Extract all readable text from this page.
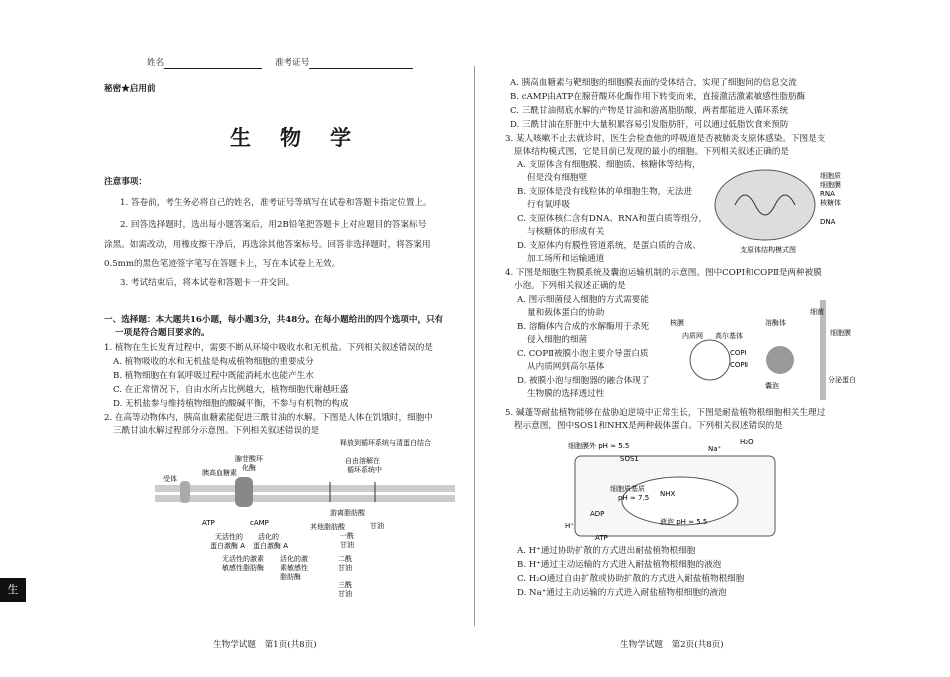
姓名	准考证号
秘密★启用前
生　物　学
注意事项：
1. 答卷前，考生务必将自己的姓名，准考证号等填写在试卷和答题卡指定位置上。
2. 回答选择题时，选出每小题答案后，用2B铅笔把答题卡上对应题目的答案标号
涂黑。如需改动，用橡皮擦干净后，再选涂其他答案标号。回答非选择题时，将答案用
0.5mm的黑色笔迹签字笔写在答题卡上，写在本试卷上无效。
3. 考试结束后，将本试卷和答题卡一并交回。
一、选择题：本大题共16小题，每小题3分，共48分。在每小题给出的四个选项中，只有
一项是符合题目要求的。
1. 植物在生长发育过程中，需要不断从环境中吸收水和无机盐。下列相关叙述错误的是
A. 植物吸收的水和无机盐是构成植物细胞的重要成分
B. 植物细胞在有氧呼吸过程中既能消耗水也能产生水
C. 在正常情况下，自由水所占比例越大，植物细胞代谢越旺盛
D. 无机盐参与维持植物细胞的酸碱平衡，不参与有机物的构成
2. 在高等动物体内，胰高血糖素能促进三酰甘油的水解。下图是人体在饥饿时，细胞中
三酰甘油水解过程部分示意图。下列相关叙述错误的是
释放到循环系统与清蛋白结合
自由溶解在
循环系统中
腺苷酸环
化酶
胰高血糖素
受体
ATP	cAMP
游离脂肪酸
甘油
其他脂肪酸
无活性的
蛋白激酶 A
活化的
蛋白激酶 A
无活性的激素
敏感性脂肪酶
活化的激
素敏感性
脂肪酶
一酰
甘油
二酰
甘油
三酰
甘油
A. 胰高血糖素与靶细胞的细胞膜表面的受体结合，实现了细胞间的信息交流
B. cAMP由ATP在腺苷酸环化酶作用下转变而来，直接激活激素敏感性脂肪酶
C. 三酰甘油彻底水解的产物是甘油和游离脂肪酸，两者都能进入循环系统
D. 三酰甘油在肝脏中大量积累容易引发脂肪肝，可以通过低脂饮食来预防
3. 某人咳嗽不止去就诊时，医生会检查他的呼吸道是否被肺炎支原体感染。下图是支
原体结构模式图，它是目前已发现的最小的细胞。下列相关叙述正确的是
A. 支原体含有细胞膜、细胞质、核糖体等结构，
但是没有细胞壁
B. 支原体是没有线粒体的单细胞生物，无法进
行有氧呼吸
C. 支原体核仁含有DNA、RNA和蛋白质等组分，
与核糖体的形成有关
D. 支原体内有膜性管道系统，是蛋白质的合成、
加工场所和运输通道
细胞质
细胞膜
RNA
核糖体
DNA
支原体结构模式图
4. 下图是细胞生物膜系统及囊泡运输机制的示意图。图中COPⅠ和COPⅡ是两种被膜
小泡。下列相关叙述正确的是
A. 图示细菌侵入细胞的方式需要能
量和载体蛋白的协助
B. 溶酶体内合成的水解酶用于杀死
侵入细胞的细菌
C. COPⅡ被膜小泡主要介导蛋白质
从内质网到高尔基体
D. 被膜小泡与细胞器的融合体现了
生物膜的选择透过性
核膜
内质网 高尔基体
溶酶体
细菌
细胞膜
COPⅠ
COPⅡ
囊泡
分泌蛋白
5. 碱蓬等耐盐植物能够在盐胁迫逆境中正常生长，下图是耐盐植物根细胞相关生理过
程示意图，图中SOS1和NHX是两种载体蛋白。下列相关叙述错误的是
细胞膜外 pH ≈ 5.5
细胞质基质
pH ≈ 7.5
液泡 pH ≈ 5.5
SOS1
NHX
ADP
ATP
H⁺
Na⁺
H₂O
A. H⁺通过协助扩散的方式进出耐盐植物根细胞
B. H⁺通过主动运输的方式进入耐盐植物根细胞的液泡
C. H₂O通过自由扩散或协助扩散的方式进入耐盐植物根细胞
D. Na⁺通过主动运输的方式进入耐盐植物根细胞的液泡
生物学试题　第1页(共8页)	生物学试题　第2页(共8页)
生
